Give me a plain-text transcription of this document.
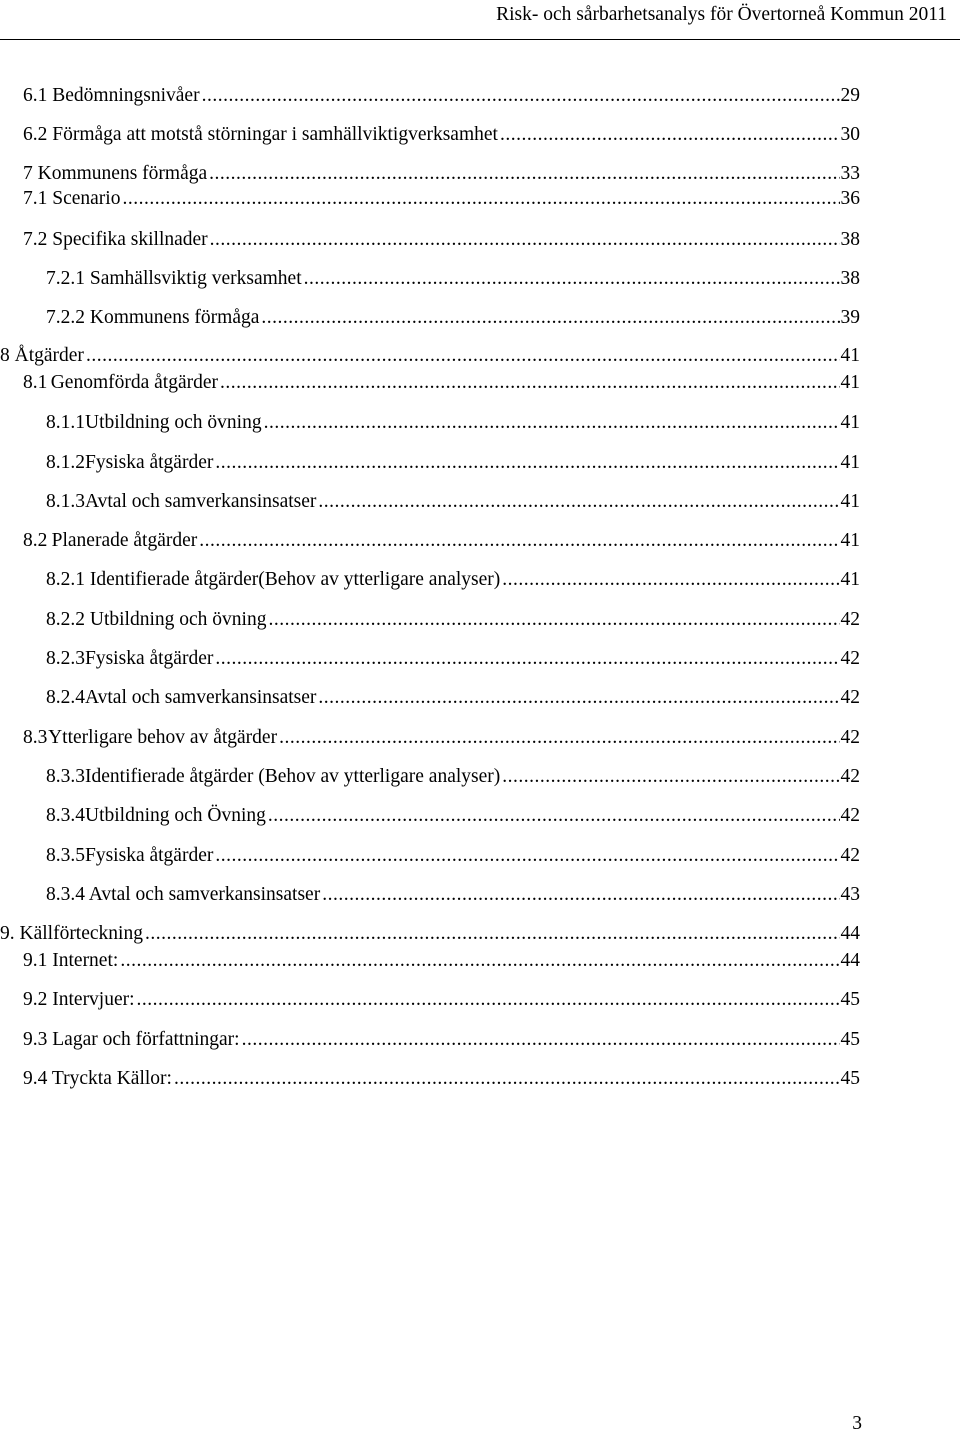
Risk- och sårbarhetsanalys för Övertorneå Kommun 2011
6.1 Bedömningsnivåer .....	29
6.2 Förmåga att motstå störningar i samhällviktigverksamhet .....	30
7 Kommunens förmåga .....	33
7.1 Scenario .....	36
7.2 Specifika skillnader .....	38
7.2.1 Samhällsviktig verksamhet .....	38
7.2.2 Kommunens förmåga .....	39
8 Åtgärder .....	41
8.1 Genomförda åtgärder .....	41
8.1.1 Utbildning och övning .....	41
8.1.2 Fysiska åtgärder .....	41
8.1.3 Avtal och samverkansinsatser .....	41
8.2 Planerade åtgärder .....	41
8.2.1 Identifierade åtgärder(Behov av ytterligare analyser) .....	41
8.2.2 Utbildning och övning .....	42
8.2.3 Fysiska åtgärder .....	42
8.2.4 Avtal och samverkansinsatser .....	42
8.3 Ytterligare behov av åtgärder .....	42
8.3.3 Identifierade åtgärder (Behov av ytterligare analyser) .....	42
8.3.4 Utbildning och Övning .....	42
8.3.5 Fysiska åtgärder .....	42
8.3.4 Avtal och samverkansinsatser .....	43
9. Källförteckning .....	44
9.1 Internet: .....	44
9.2 Intervjuer: .....	45
9.3 Lagar och författningar: .....	45
9.4 Tryckta Källor: .....	45
3
